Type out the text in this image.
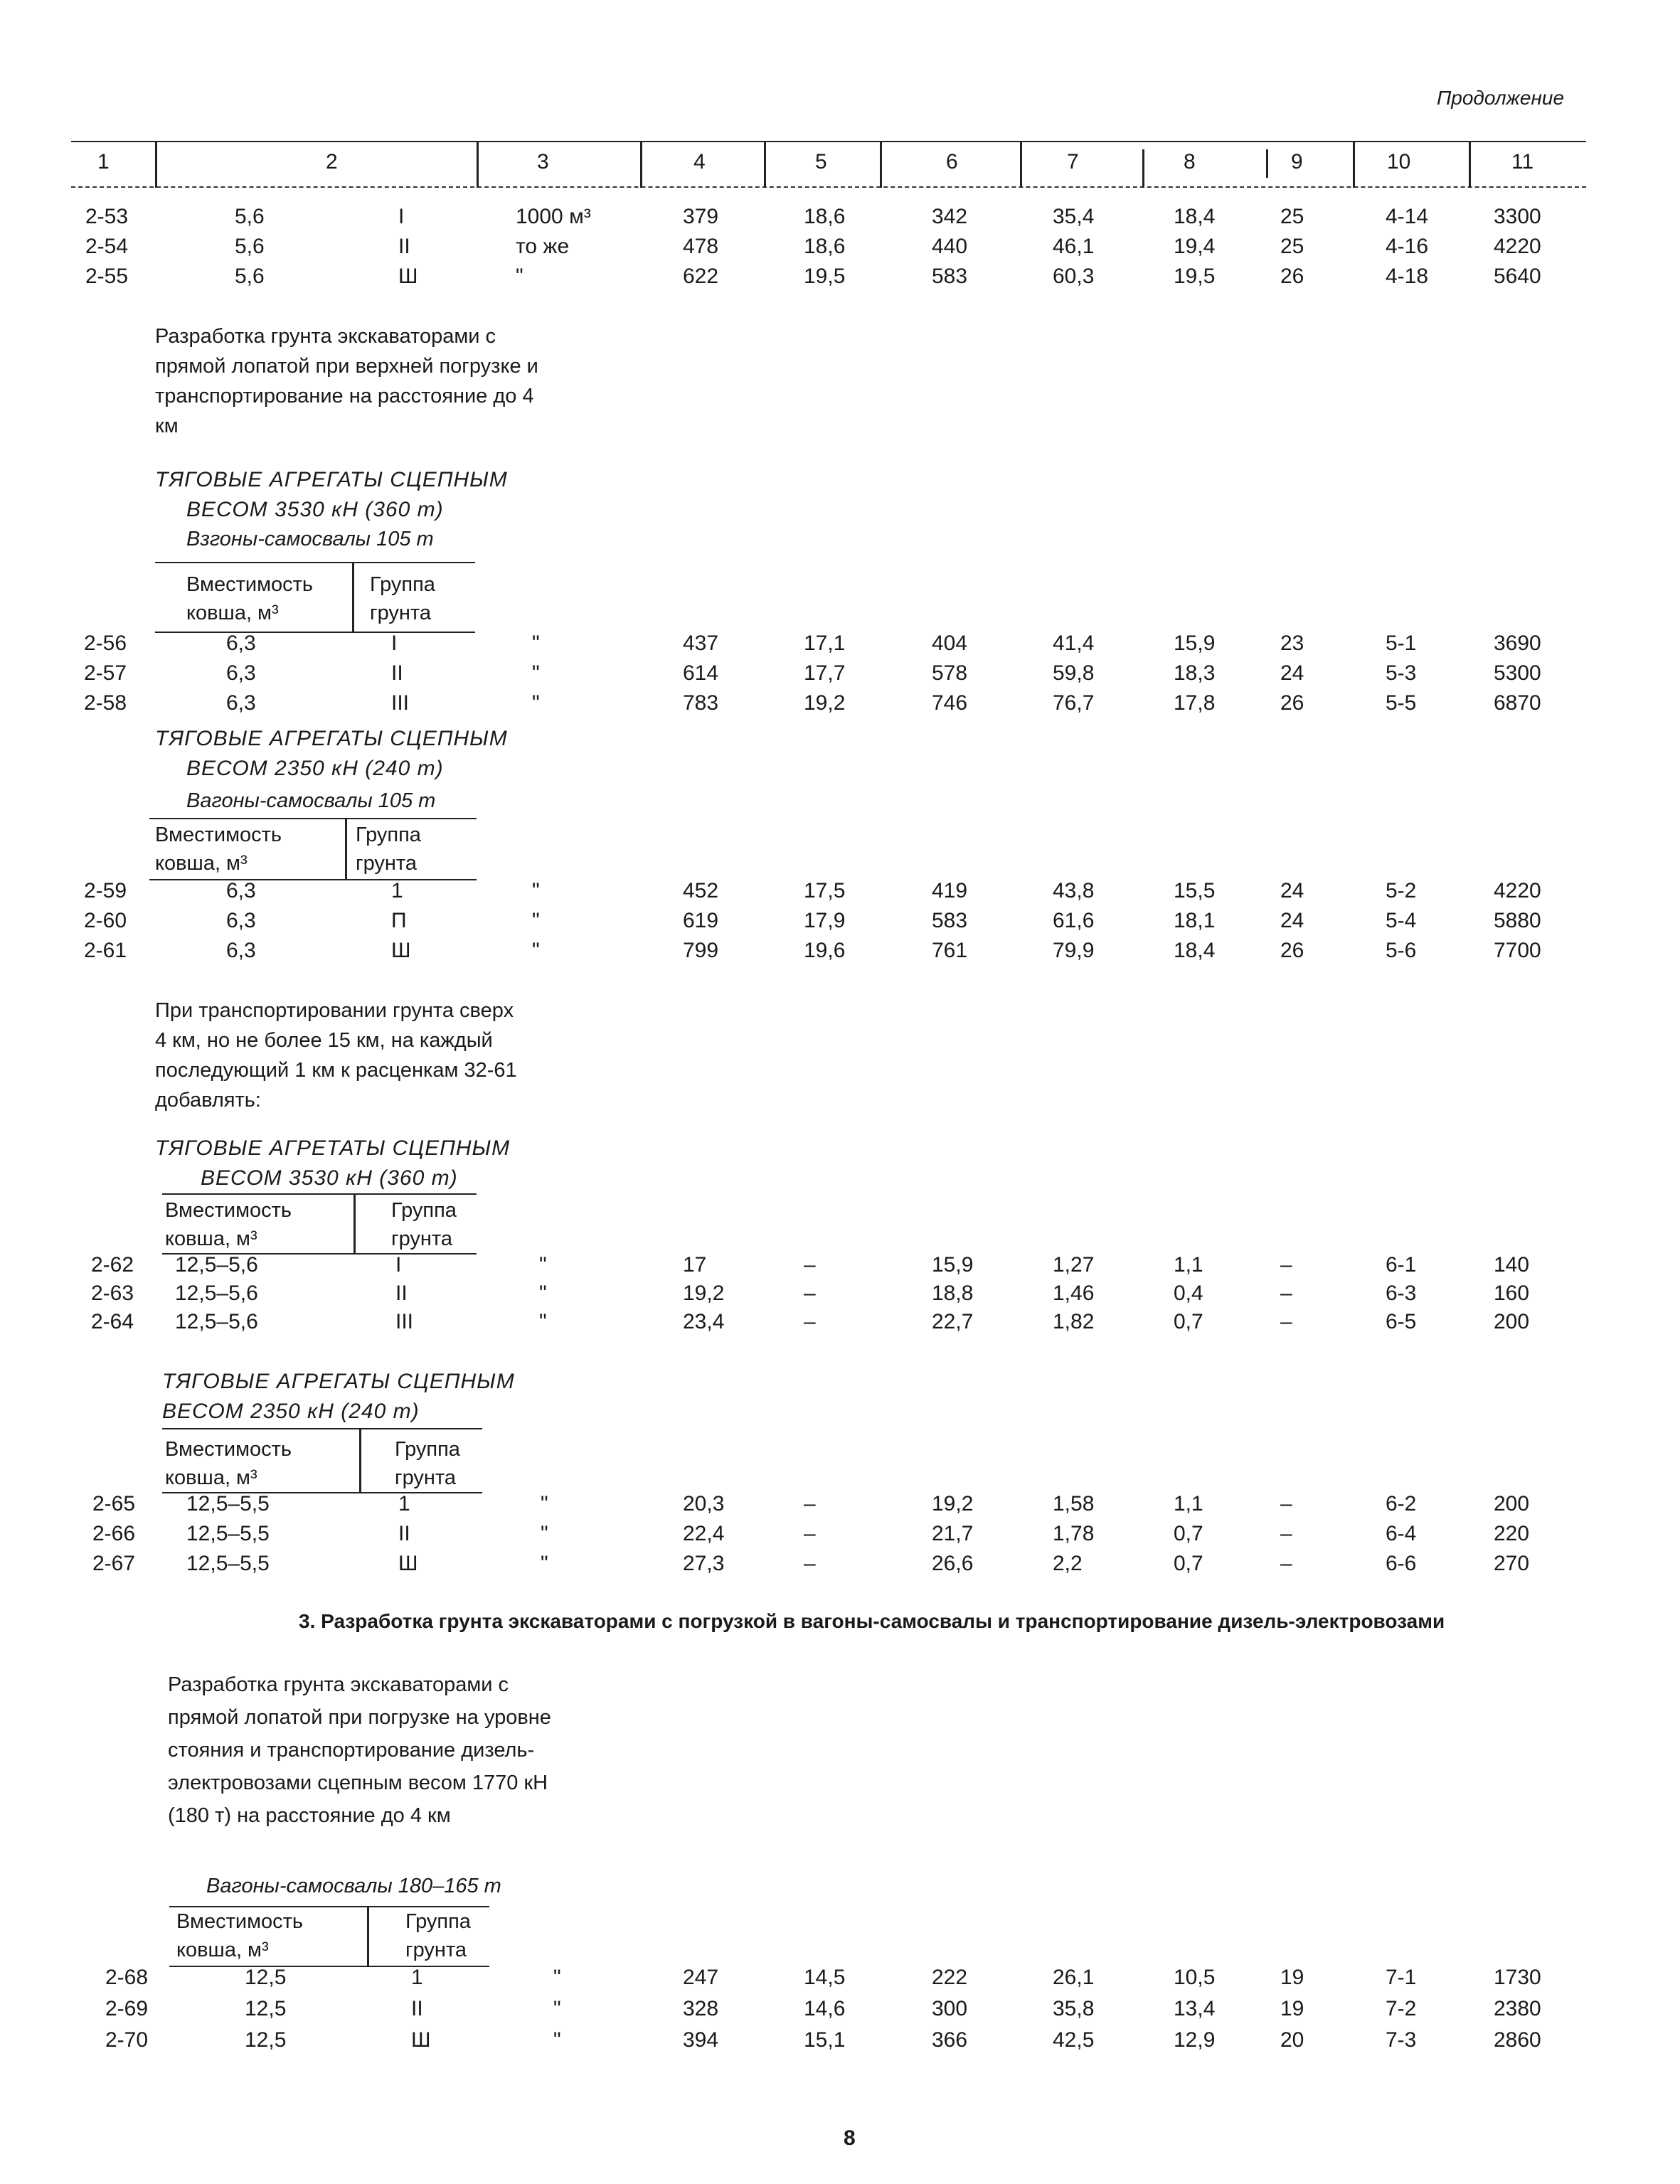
Продолжение
1	2	3	4	5	6	7	8	9	10	11
2-53	5,6	I	1000 м³	379	18,6	342	35,4	18,4	25	4-14	3300
2-54	5,6	II	то же	478	18,6	440	46,1	19,4	25	4-16	4220
2-55	5,6	Ш	"	622	19,5	583	60,3	19,5	26	4-18	5640
Разработка грунта экскаваторами с прямой лопатой при верхней погрузке и транспортирование на расстояние до 4 км
ТЯГОВЫЕ АГРЕГАТЫ СЦЕПНЫМ
ВЕСОМ 3530 кН (360 т)
Взгоны-самосвалы 105 т
Вместимость ковша, м³
Группа грунта
2-56	6,3	I	"	437	17,1	404	41,4	15,9	23	5-1	3690
2-57	6,3	II	"	614	17,7	578	59,8	18,3	24	5-3	5300
2-58	6,3	III	"	783	19,2	746	76,7	17,8	26	5-5	6870
ТЯГОВЫЕ АГРЕГАТЫ СЦЕПНЫМ
ВЕСОМ 2350 кН (240 т)
Вагоны-самосвалы 105 т
Вместимость ковша, м³
Группа грунта
2-59	6,3	1	"	452	17,5	419	43,8	15,5	24	5-2	4220
2-60	6,3	П	"	619	17,9	583	61,6	18,1	24	5-4	5880
2-61	6,3	Ш	"	799	19,6	761	79,9	18,4	26	5-6	7700
При транспортировании грунта сверх 4 км, но не более 15 км, на каждый последующий 1 км к расценкам 32-61 добавлять:
ТЯГОВЫЕ АГРЕТАТЫ СЦЕПНЫМ
ВЕСОМ 3530 кН (360 т)
Вместимость ковша, м³
Группа грунта
2-62 12,5–5,6	I	"	17	–	15,9	1,27	1,1	–	6-1	140
2-63 12,5–5,6	II	"	19,2	–	18,8	1,46	0,4	–	6-3	160
2-64 12,5–5,6	III	"	23,4	–	22,7	1,82	0,7	–	6-5	200
ТЯГОВЫЕ АГРЕГАТЫ СЦЕПНЫМ
ВЕСОМ 2350 кН (240 т)
Вместимость ковша, м³
Группа грунта
2-65 12,5–5,5	1	"	20,3	–	19,2	1,58	1,1	–	6-2	200
2-66 12,5–5,5	II	"	22,4	–	21,7	1,78	0,7	–	6-4	220
2-67 12,5–5,5	Ш	"	27,3	–	26,6	2,2	0,7	–	6-6	270
3. Разработка грунта экскаваторами с погрузкой в вагоны-самосвалы и транспортирование дизель-электровозами
Разработка грунта экскаваторами с прямой лопатой при погрузке на уровне стояния и транспортирование дизель-электровозами сцепным весом 1770 кН (180 т) на расстояние до 4 км
Вагоны-самосвалы 180–165 т
Вместимость ковша, м³
Группа грунта
2-68	12,5	1	"	247	14,5	222	26,1	10,5	19	7-1	1730
2-69	12,5	II	"	328	14,6	300	35,8	13,4	19	7-2	2380
2-70	12,5	Ш	"	394	15,1	366	42,5	12,9	20	7-3	2860
8
